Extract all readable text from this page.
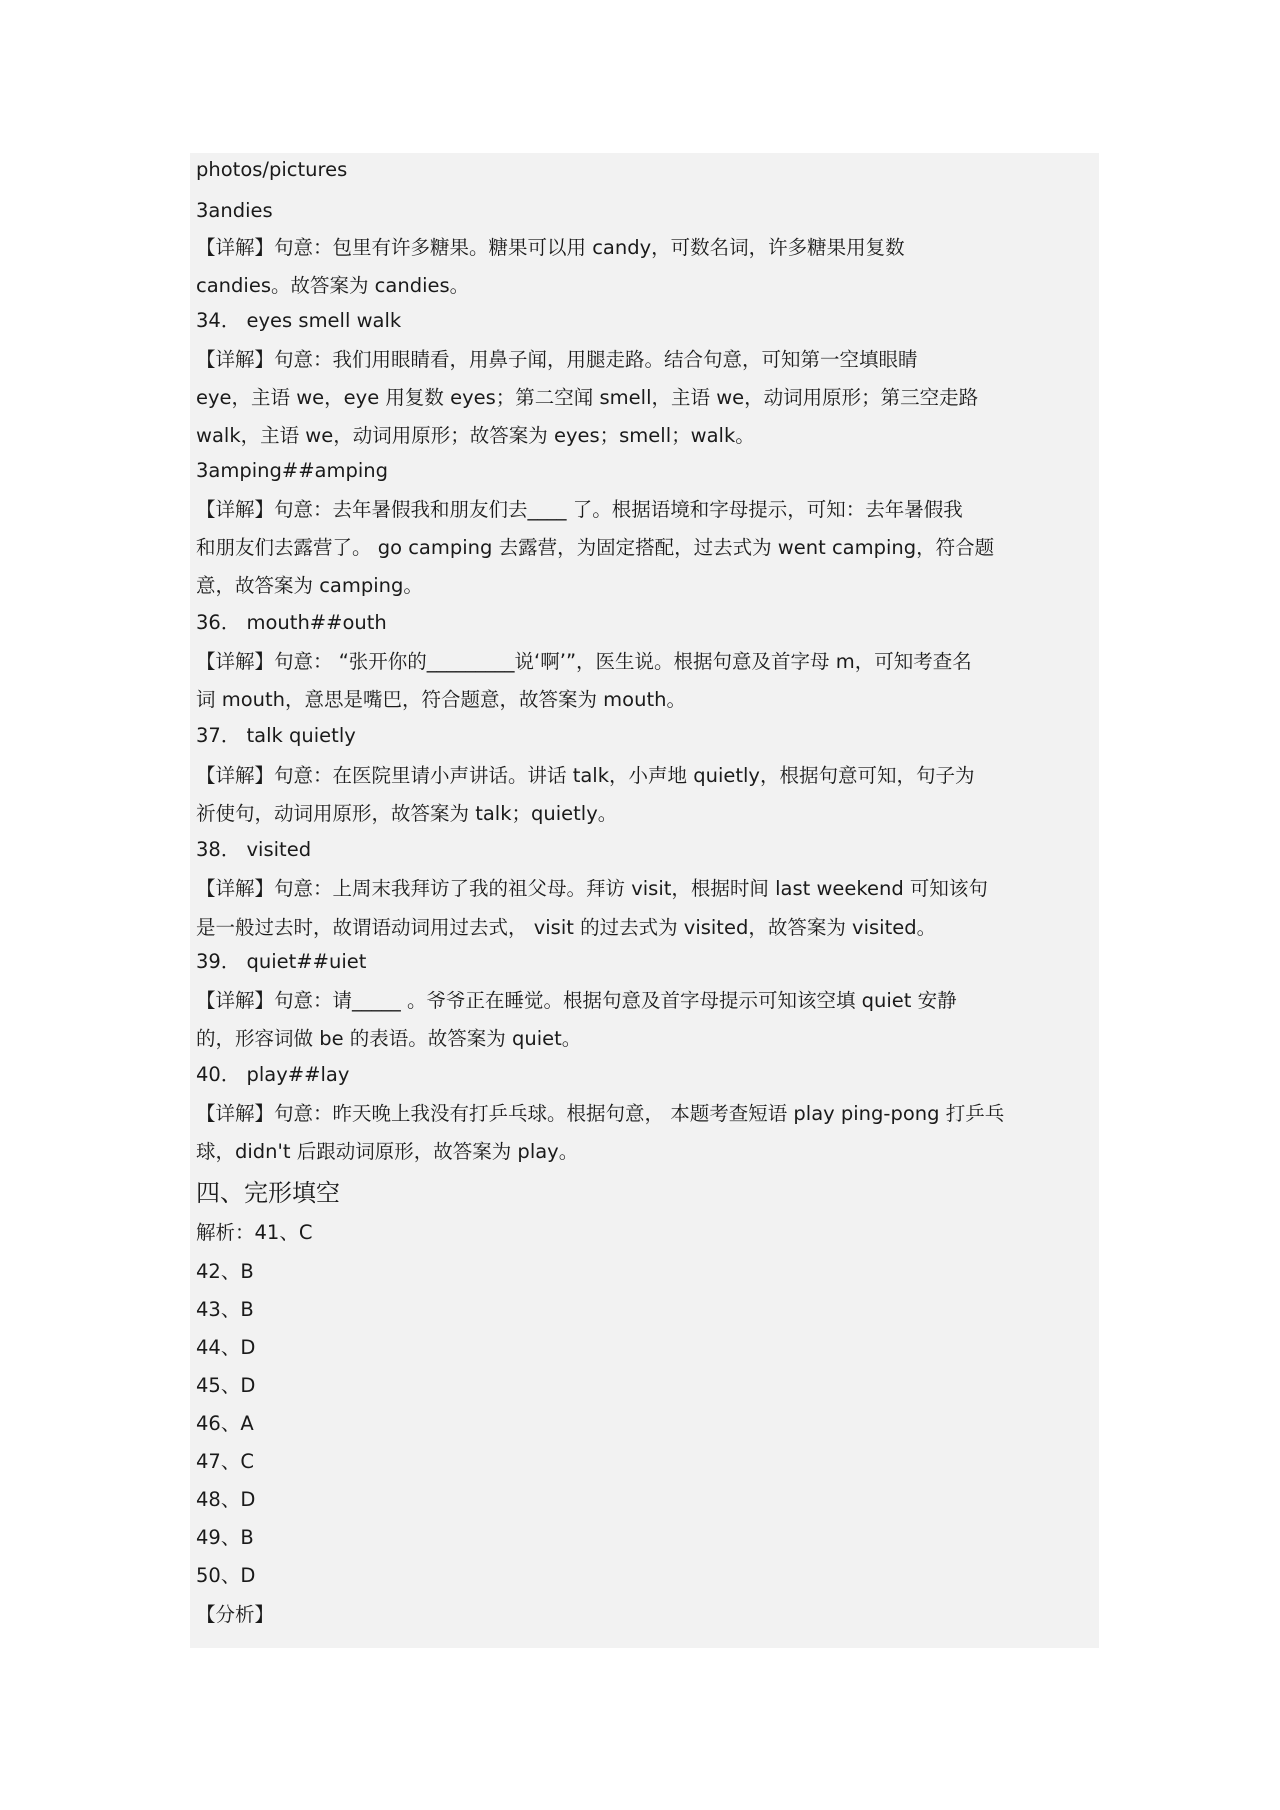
photos/pictures
3andies
【详解】句意：包里有许多糖果。糖果可以用 candy，可数名词，许多糖果用复数
candies。故答案为 candies。
34． eyes smell walk
【详解】句意：我们用眼睛看，用鼻子闻，用腿走路。结合句意，可知第一空填眼睛
eye，主语 we，eye 用复数 eyes；第二空闻 smell，主语 we，动词用原形；第三空走路
walk，主语 we，动词用原形；故答案为 eyes；smell；walk。
3amping##amping
【详解】句意：去年暑假我和朋友们去____ 了。根据语境和字母提示，可知：去年暑假我
和朋友们去露营了。 go camping 去露营，为固定搭配，过去式为 went camping，符合题
意，故答案为 camping。
36． mouth##outh
【详解】句意： “张开你的_________说‘啊’”，医生说。根据句意及首字母 m，可知考查名
词 mouth，意思是嘴巴，符合题意，故答案为 mouth。
37． talk quietly
【详解】句意：在医院里请小声讲话。讲话 talk，小声地 quietly，根据句意可知，句子为
祈使句，动词用原形，故答案为 talk；quietly。
38． visited
【详解】句意：上周末我拜访了我的祖父母。拜访 visit，根据时间 last weekend 可知该句
是一般过去时，故谓语动词用过去式， visit 的过去式为 visited，故答案为 visited。
39． quiet##uiet
【详解】句意：请_____ 。爷爷正在睡觉。根据句意及首字母提示可知该空填 quiet 安静
的，形容词做 be 的表语。故答案为 quiet。
40． play##lay
【详解】句意：昨天晚上我没有打乒乓球。根据句意， 本题考查短语 play ping-pong 打乒乓
球，didn't 后跟动词原形，故答案为 play。
四、完形填空
解析：41、C
42、B
43、B
44、D
45、D
46、A
47、C
48、D
49、B
50、D
【分析】
